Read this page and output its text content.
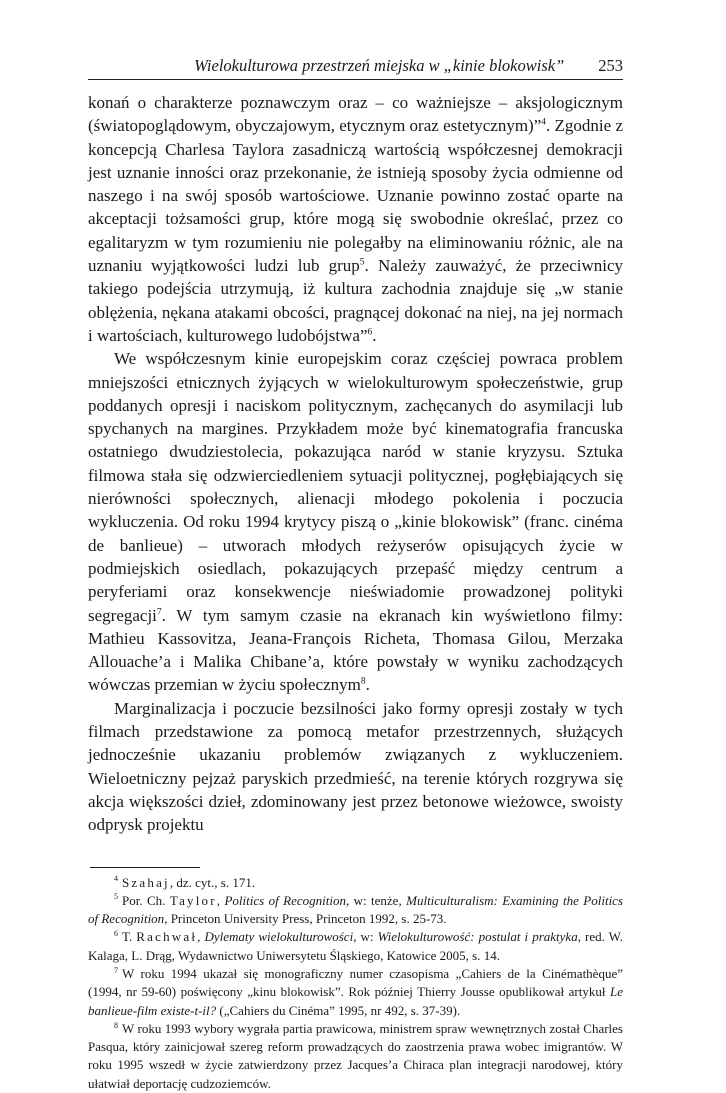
Wielokulturowa przestrzeń miejska w „kinie blokowisk” 253

konań o charakterze poznawczym oraz – co ważniejsze – aksjologicznym (światopoglądowym, obyczajowym, etycznym oraz estetycznym)”$^4$. Zgodnie z koncepcją Charlesa Taylora zasadniczą wartością współczesnej demokracji jest uznanie inności oraz przekonanie, że istnieją sposoby życia odmienne od naszego i na swój sposób wartościowe. Uznanie powinno zostać oparte na akceptacji tożsamości grup, które mogą się swobodnie określać, przez co egalitaryzm w tym rozumieniu nie polegałby na eliminowaniu różnic, ale na uznaniu wyjątkowości ludzi lub grup$^5$. Należy zauważyć, że przeciwnicy takiego podejścia utrzymują, iż kultura zachodnia znajduje się „w stanie oblężenia, nękana atakami obcości, pragnącej dokonać na niej, na jej normach i wartościach, kulturowego ludobójstwa”$^6$.

We współczesnym kinie europejskim coraz częściej powraca problem mniejszości etnicznych żyjących w wielokulturowym społeczeństwie, grup poddanych opresji i naciskom politycznym, zachęcanych do asymilacji lub spychanych na margines. Przykładem może być kinematografia francuska ostatniego dwudziestolecia, pokazująca naród w stanie kryzysu. Sztuka filmowa stała się odzwierciedleniem sytuacji politycznej, pogłębiających się nierówności społecznych, alienacji młodego pokolenia i poczucia wykluczenia. Od roku 1994 krytycy piszą o „kinie blokowisk” (franc. cinéma de banlieue) – utworach młodych reżyserów opisujących życie w podmiejskich osiedlach, pokazujących przepaść między centrum a peryferiami oraz konsekwencje nieświadomie prowadzonej polityki segregacji$^7$. W tym samym czasie na ekranach kin wyświetlono filmy: Mathieu Kassovitza, Jeana-François Richeta, Thomasa Gilou, Merzaka Allouache’a i Malika Chibane’a, które powstały w wyniku zachodzących wówczas przemian w życiu społecznym$^8$.

Marginalizacja i poczucie bezsilności jako formy opresji zostały w tych filmach przedstawione za pomocą metafor przestrzennych, służących jednocześnie ukazaniu problemów związanych z wykluczeniem. Wieloetniczny pejzaż paryskich przedmieść, na terenie których rozgrywa się akcja większości dzieł, zdominowany jest przez betonowe wieżowce, swoisty odprysk projektu

$^4$ Szahaj, dz. cyt., s. 171.

$^5$ Por. Ch. Taylor, Politics of Recognition, w: tenże, Multiculturalism: Examining the Politics of Recognition, Princeton University Press, Princeton 1992, s. 25-73.

$^6$ T. Rachwał, Dylematy wielokulturowości, w: Wielokulturowość: postulat i praktyka, red. W. Kalaga, L. Drąg, Wydawnictwo Uniwersytetu Śląskiego, Katowice 2005, s. 14.

$^7$ W roku 1994 ukazał się monograficzny numer czasopisma „Cahiers de la Cinémathèque” (1994, nr 59-60) poświęcony „kinu blokowisk”. Rok później Thierry Jousse opublikował artykuł Le banlieue-film existe-t-il? („Cahiers du Cinéma” 1995, nr 492, s. 37-39).

$^8$ W roku 1993 wybory wygrała partia prawicowa, ministrem spraw wewnętrznych został Charles Pasqua, który zainicjował szereg reform prowadzących do zaostrzenia prawa wobec imigrantów. W roku 1995 wszedł w życie zatwierdzony przez Jacques’a Chiraca plan integracji narodowej, który ułatwiał deportację cudzoziemców.
